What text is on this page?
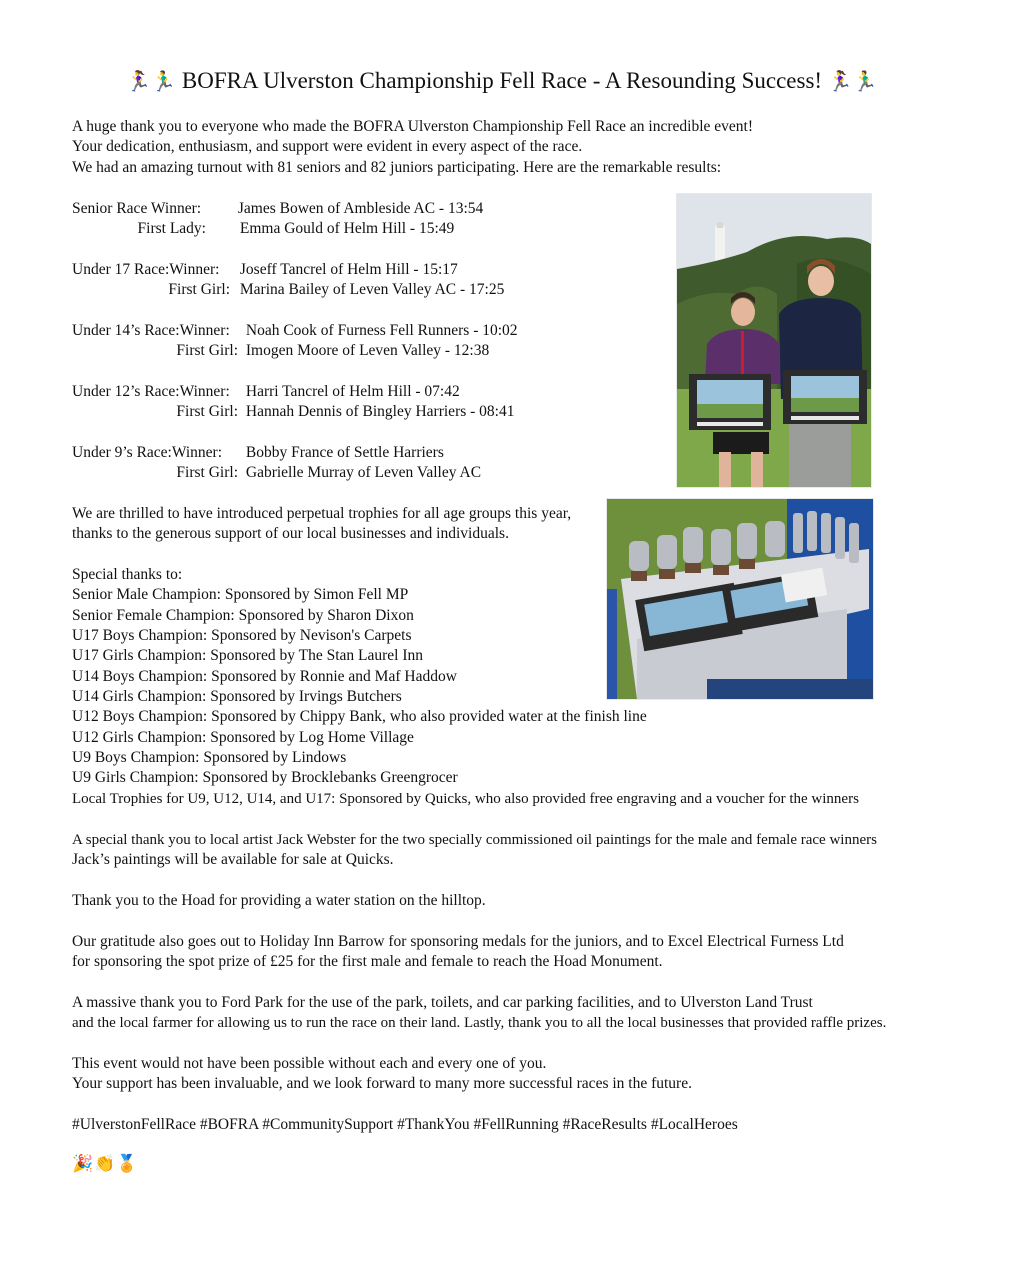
🏃‍♀️🏃‍♂️ BOFRA Ulverston Championship Fell Race - A Resounding Success! 🏃‍♀️🏃‍♂️
A huge thank you to everyone who made the BOFRA Ulverston Championship Fell Race an incredible event!
Your dedication, enthusiasm, and support were evident in every aspect of the race.
We had an amazing turnout with 81 seniors and 82 juniors participating. Here are the remarkable results:
Senior Race Winner: James Bowen of Ambleside AC - 13:54
First Lady: Emma Gould of Helm Hill - 15:49
Under 17 Race:Winner: Joseff Tancrel of Helm Hill - 15:17
First Girl: Marina Bailey of Leven Valley AC - 17:25
Under 14’s Race:Winner: Noah Cook of Furness Fell Runners - 10:02
First Girl: Imogen Moore of Leven Valley - 12:38
Under 12’s Race:Winner: Harri Tancrel of Helm Hill - 07:42
First Girl: Hannah Dennis of Bingley Harriers - 08:41
Under 9’s Race:Winner: Bobby France of Settle Harriers
First Girl: Gabrielle Murray of Leven Valley AC
We are thrilled to have introduced perpetual trophies for all age groups this year,
thanks to the generous support of our local businesses and individuals.
Special thanks to:
Senior Male Champion: Sponsored by Simon Fell MP
Senior Female Champion: Sponsored by Sharon Dixon
U17 Boys Champion: Sponsored by Nevison's Carpets
U17 Girls Champion: Sponsored by The Stan Laurel Inn
U14 Boys Champion: Sponsored by Ronnie and Maf Haddow
U14 Girls Champion: Sponsored by Irvings Butchers
U12 Boys Champion: Sponsored by Chippy Bank, who also provided water at the finish line
U12 Girls Champion: Sponsored by Log Home Village
U9 Boys Champion: Sponsored by Lindows
U9 Girls Champion: Sponsored by Brocklebanks Greengrocer
Local Trophies for U9, U12, U14, and U17: Sponsored by Quicks, who also provided free engraving and a voucher for the winners
A special thank you to local artist Jack Webster for the two specially commissioned oil paintings for the male and female race winners
Jack’s paintings will be available for sale at Quicks.
Thank you to the Hoad for providing a water station on the hilltop.
Our gratitude also goes out to Holiday Inn Barrow for sponsoring medals for the juniors, and to Excel Electrical Furness Ltd
for sponsoring the spot prize of £25 for the first male and female to reach the Hoad Monument.
A massive thank you to Ford Park for the use of the park, toilets, and car parking facilities, and to Ulverston Land Trust
and the local farmer for allowing us to run the race on their land. Lastly, thank you to all the local businesses that provided raffle prizes.
This event would not have been possible without each and every one of you.
Your support has been invaluable, and we look forward to many more successful races in the future.
#UlverstonFellRace #BOFRA #CommunitySupport #ThankYou #FellRunning #RaceResults #LocalHeroes
🎉👏🏅
